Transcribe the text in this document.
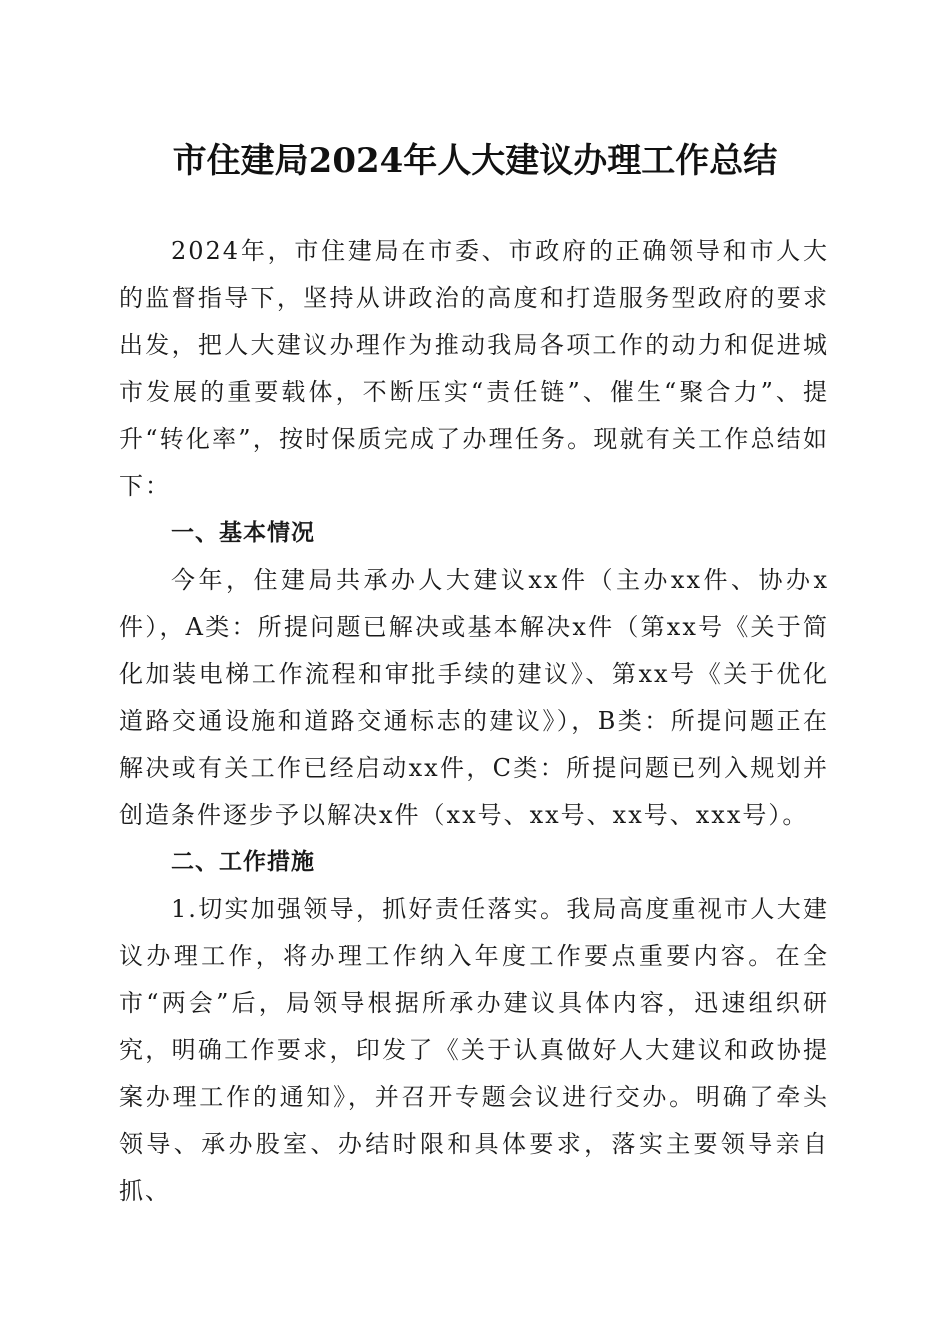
市住建局2024年人大建议办理工作总结

2024年，市住建局在市委、市政府的正确领导和市人大的监督指导下，坚持从讲政治的高度和打造服务型政府的要求出发，把人大建议办理作为推动我局各项工作的动力和促进城市发展的重要载体，不断压实“责任链”、催生“聚合力”、提升“转化率”，按时保质完成了办理任务。现就有关工作总结如下：

一、基本情况

今年，住建局共承办人大建议xx件（主办xx件、协办x件），A类：所提问题已解决或基本解决x件（第xx号《关于简化加装电梯工作流程和审批手续的建议》、第xx号《关于优化道路交通设施和道路交通标志的建议》），B类：所提问题正在解决或有关工作已经启动xx件，C类：所提问题已列入规划并创造条件逐步予以解决x件（xx号、xx号、xx号、xxx号）。

二、工作措施

1.切实加强领导，抓好责任落实。我局高度重视市人大建议办理工作，将办理工作纳入年度工作要点重要内容。在全市“两会”后，局领导根据所承办建议具体内容，迅速组织研究，明确工作要求，印发了《关于认真做好人大建议和政协提案办理工作的通知》，并召开专题会议进行交办。明确了牵头领导、承办股室、办结时限和具体要求，落实主要领导亲自抓、
